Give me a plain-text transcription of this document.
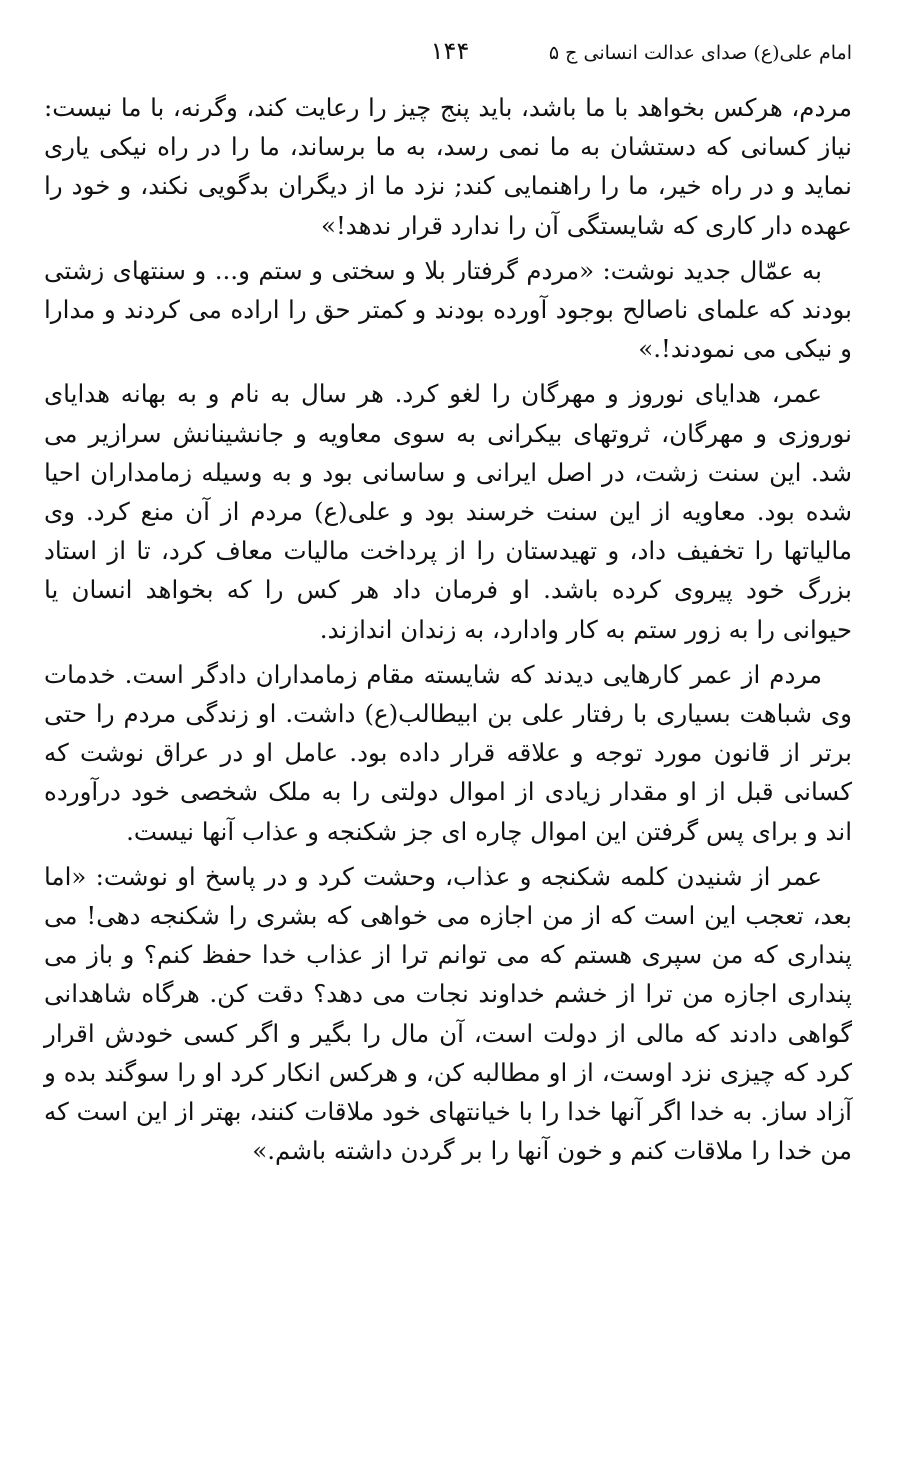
امام علی(ع) صدای عدالت انسانی ج ۵
۱۴۴

مردم، هرکس بخواهد با ما باشد، باید پنج چیز را رعایت کند، وگرنه، با ما نیست: نیاز کسانی که دستشان به ما نمی رسد، به ما برساند، ما را در راه نیکی یاری نماید و در راه خیر، ما را راهنمایی کند; نزد ما از دیگران بدگویی نکند، و خود را عهده دار کاری که شایستگی آن را ندارد قرار ندهد!»

به عمّال جدید نوشت: «مردم گرفتار بلا و سختی و ستم و... و سنتهای زشتی بودند که علمای ناصالح بوجود آورده بودند و کمتر حق را اراده می کردند و مدارا و نیکی می نمودند!.»

عمر، هدایای نوروز و مهرگان را لغو کرد. هر سال به نام و به بهانه هدایای نوروزی و مهرگان، ثروتهای بیکرانی به سوی معاویه و جانشینانش سرازیر می شد. این سنت زشت، در اصل ایرانی و ساسانی بود و به وسیله زمامداران احیا شده بود. معاویه از این سنت خرسند بود و علی(ع) مردم از آن منع کرد. وی مالیاتها را تخفیف داد، و تهیدستان را از پرداخت مالیات معاف کرد، تا از استاد بزرگ خود پیروی کرده باشد. او فرمان داد هر کس را که بخواهد انسان یا حیوانی را به زور ستم به کار وادارد، به زندان اندازند.

مردم از عمر کارهایی دیدند که شایسته مقام زمامداران دادگر است. خدمات وی شباهت بسیاری با رفتار علی بن ابیطالب(ع) داشت. او زندگی مردم را حتی برتر از قانون مورد توجه و علاقه قرار داده بود. عامل او در عراق نوشت که کسانی قبل از او مقدار زیادی از اموال دولتی را به ملک شخصی خود درآورده اند و برای پس گرفتن این اموال چاره ای جز شکنجه و عذاب آنها نیست.

عمر از شنیدن کلمه شکنجه و عذاب، وحشت کرد و در پاسخ او نوشت: «اما بعد، تعجب این است که از من اجازه می خواهی که بشری را شکنجه دهی! می پنداری که من سپری هستم که می توانم ترا از عذاب خدا حفظ کنم؟ و باز می پنداری اجازه من ترا از خشم خداوند نجات می دهد؟ دقت کن. هرگاه شاهدانی گواهی دادند که مالی از دولت است، آن مال را بگیر و اگر کسی خودش اقرار کرد که چیزی نزد اوست، از او مطالبه کن، و هرکس انکار کرد او را سوگند بده و آزاد ساز. به خدا اگر آنها خدا را با خیانتهای خود ملاقات کنند، بهتر از این است که من خدا را ملاقات کنم و خون آنها را بر گردن داشته باشم.»
